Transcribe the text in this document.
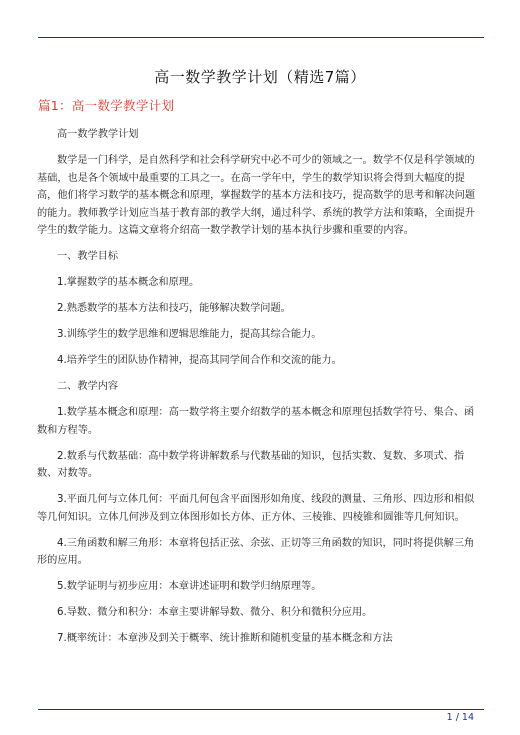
高一数学教学计划（精选7篇）
篇1：高一数学教学计划

高一数学教学计划

数学是一门科学，是自然科学和社会科学研究中必不可少的领域之一。数学不仅是科学领域的基础，也是各个领域中最重要的工具之一。在高一学年中，学生的数学知识将会得到大幅度的提高，他们将学习数学的基本概念和原理，掌握数学的基本方法和技巧，提高数学的思考和解决问题的能力。教师教学计划应当基于教育部的教学大纲，通过科学、系统的教学方法和策略，全面提升学生的数学能力。这篇文章将介绍高一数学教学计划的基本执行步骤和重要的内容。

一、教学目标

1.掌握数学的基本概念和原理。

2.熟悉数学的基本方法和技巧，能够解决数学问题。

3.训练学生的数学思维和逻辑思维能力，提高其综合能力。

4.培养学生的团队协作精神，提高其同学间合作和交流的能力。

二、教学内容

1.数学基本概念和原理：高一数学将主要介绍数学的基本概念和原理包括数学符号、集合、函数和方程等。

2.数系与代数基础：高中数学将讲解数系与代数基础的知识，包括实数、复数、多项式、指数、对数等。

3.平面几何与立体几何：平面几何包含平面图形如角度、线段的测量、三角形、四边形和相似等几何知识。立体几何涉及到立体图形如长方体、正方体、三棱锥、四棱锥和圆锥等几何知识。

4.三角函数和解三角形：本章将包括正弦、余弦、正切等三角函数的知识，同时将提供解三角形的应用。

5.数学证明与初步应用：本章讲述证明和数学归纳原理等。

6.导数、微分和积分：本章主要讲解导数、微分、积分和微积分应用。

7.概率统计：本章涉及到关于概率、统计推断和随机变量的基本概念和方法

1 / 14
